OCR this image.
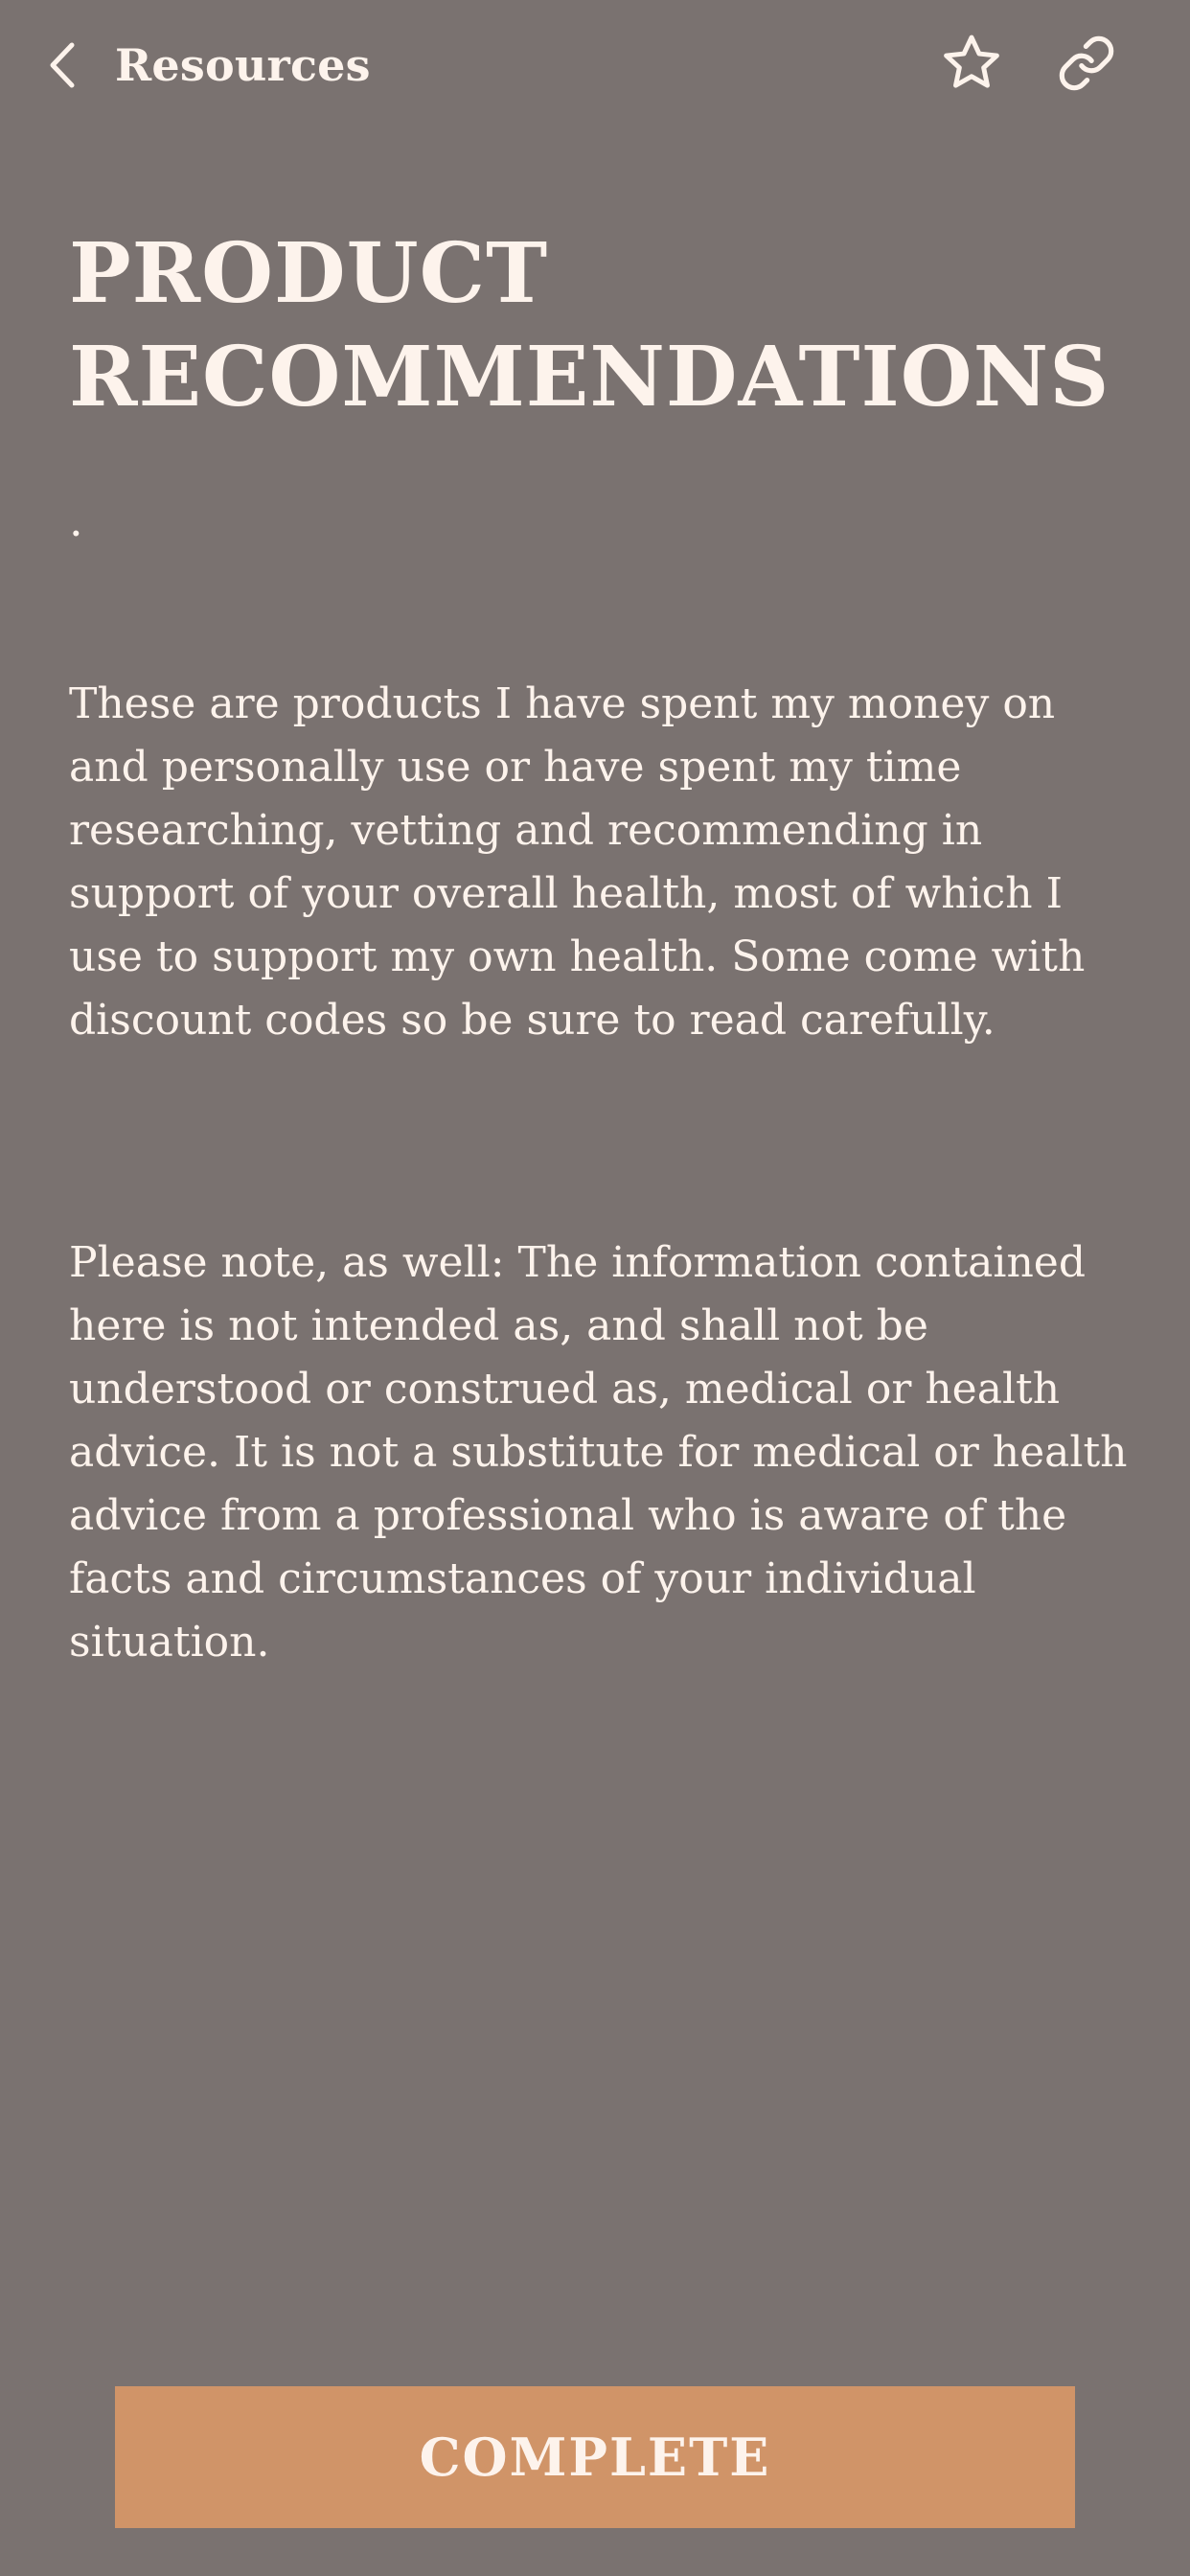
Resources
PRODUCT RECOMMENDATIONS
.

These are products I have spent my money on and personally use or have spent my time researching, vetting and recommending in support of your overall health, most of which I use to support my own health. Some come with discount codes so be sure to read carefully.

Please note, as well: The information contained here is not intended as, and shall not be understood or construed as, medical or health advice. It is not a substitute for medical or health advice from a professional who is aware of the facts and circumstances of your individual situation.

COMPLETE
